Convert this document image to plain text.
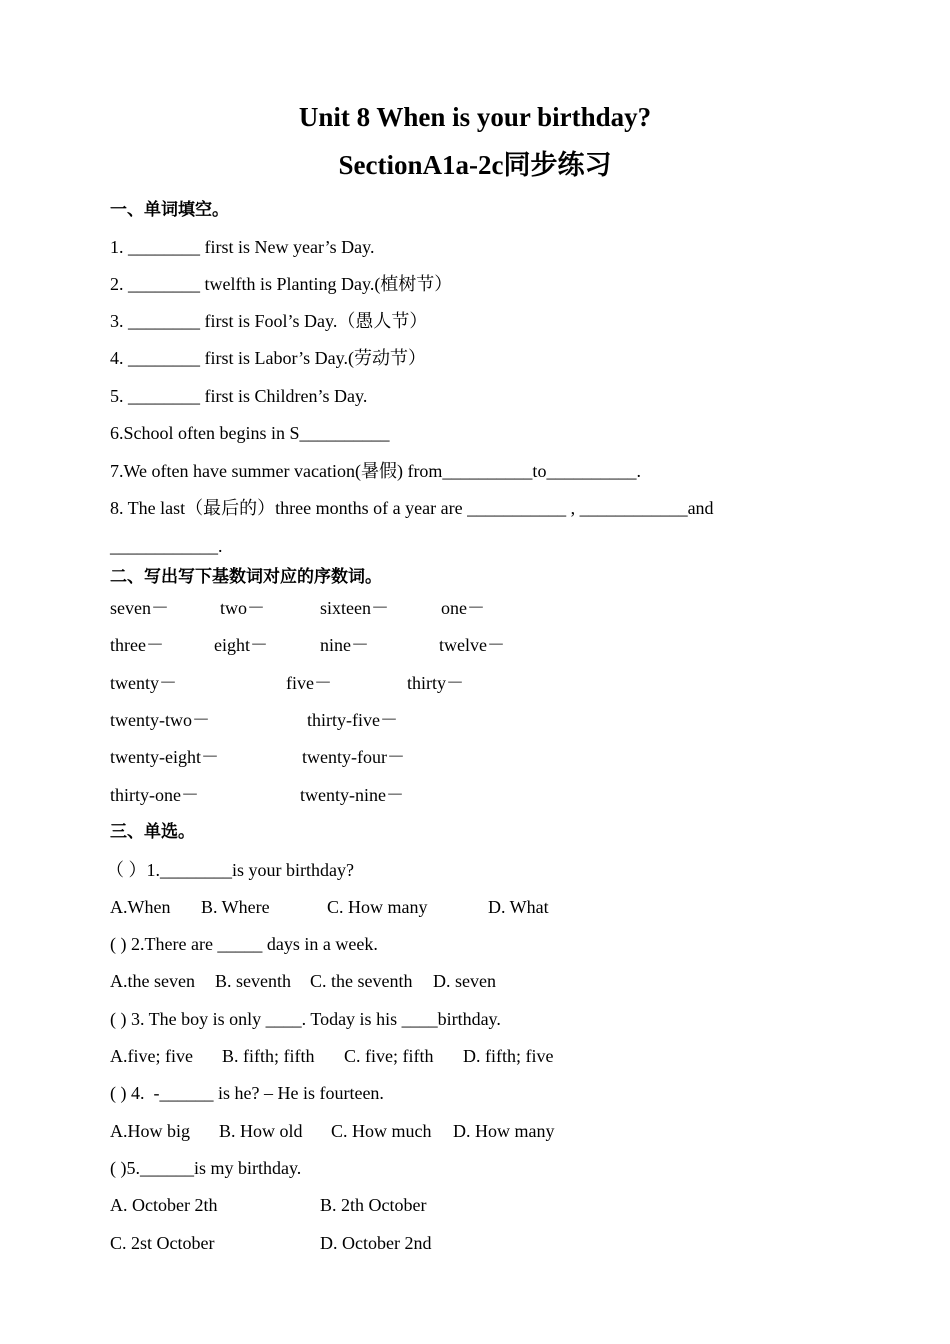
Unit 8 When is your birthday?
SectionA1a-2c同步练习
一、单词填空。
1. ________ first is New year’s Day.
2. ________ twelfth is Planting Day.(植树节）
3. ________ first is Fool’s Day.（愚人节）
4. ________ first is Labor’s Day.(劳动节）
5. ________ first is Children’s Day.
6.School often begins in S__________
7.We often have summer vacation(暑假) from__________to__________.
8. The last（最后的）three months of a year are ___________ , ____________and
____________.
二、写出写下基数词对应的序数词。
seven－	two－	sixteen－	one－
three－	eight－	nine－	twelve－
twenty－	five－	thirty－
twenty-two－	thirty-five－
twenty-eight－	twenty-four－
thirty-one－	twenty-nine－
三、单选。
（ ）1.________is your birthday?
A.When B. Where	C. How many	D. What
( ) 2.There are _____ days in a week.
A.the seven B. seventh C. the seventh D. seven
( ) 3. The boy is only ____. Today is his ____birthday.
A.five; five B. fifth; fifth C. five; fifth D. fifth; five
( ) 4.  -______ is he? – He is fourteen.
A.How big B. How old C. How much D. How many
( )5.______is my birthday.
A. October 2th	B. 2th October
C. 2st October	D. October 2nd
